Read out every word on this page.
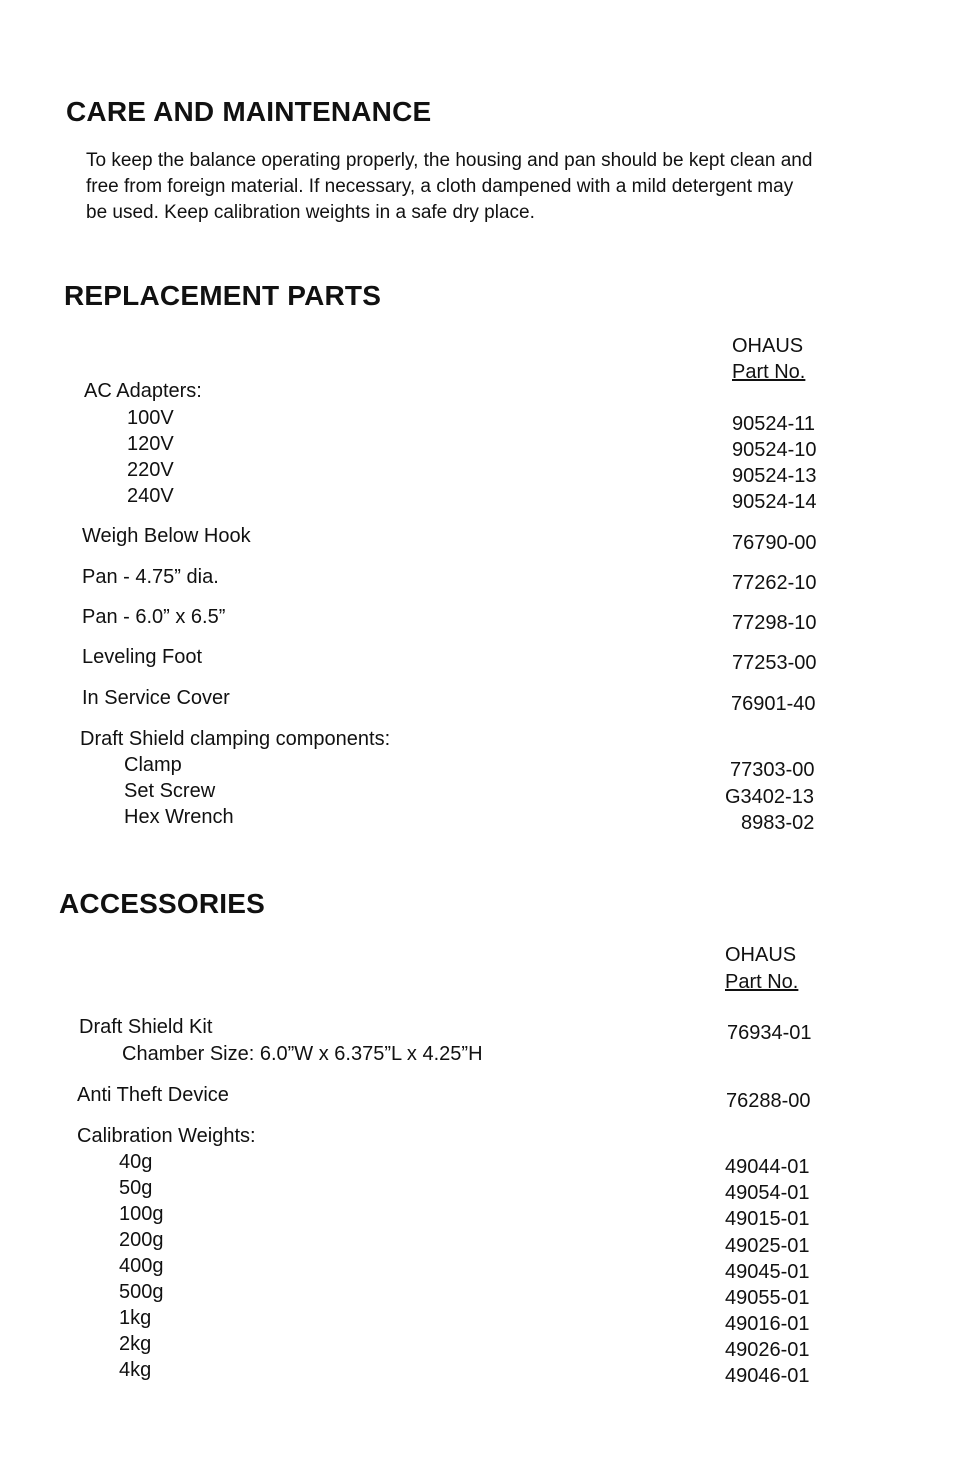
CARE AND MAINTENANCE
To keep the balance operating properly, the housing and pan should be kept clean and
free from foreign material. If necessary, a cloth dampened with a mild detergent may
be used. Keep calibration weights in a safe dry place.
REPLACEMENT PARTS
OHAUS
Part No.
AC Adapters:
100V	90524-11
120V	90524-10
220V	90524-13
240V	90524-14
Weigh Below Hook	76790-00
Pan - 4.75” dia.	77262-10
Pan - 6.0” x 6.5”	77298-10
Leveling Foot	77253-00
In Service Cover	76901-40
Draft Shield clamping components:
Clamp	77303-00
Set Screw	G3402-13
Hex Wrench	8983-02
ACCESSORIES
OHAUS
Part No.
Draft Shield Kit	76934-01
Chamber Size: 6.0”W x 6.375”L x 4.25”H
Anti Theft Device	76288-00
Calibration Weights:
40g	49044-01
50g	49054-01
100g	49015-01
200g	49025-01
400g	49045-01
500g	49055-01
1kg	49016-01
2kg	49026-01
4kg	49046-01
